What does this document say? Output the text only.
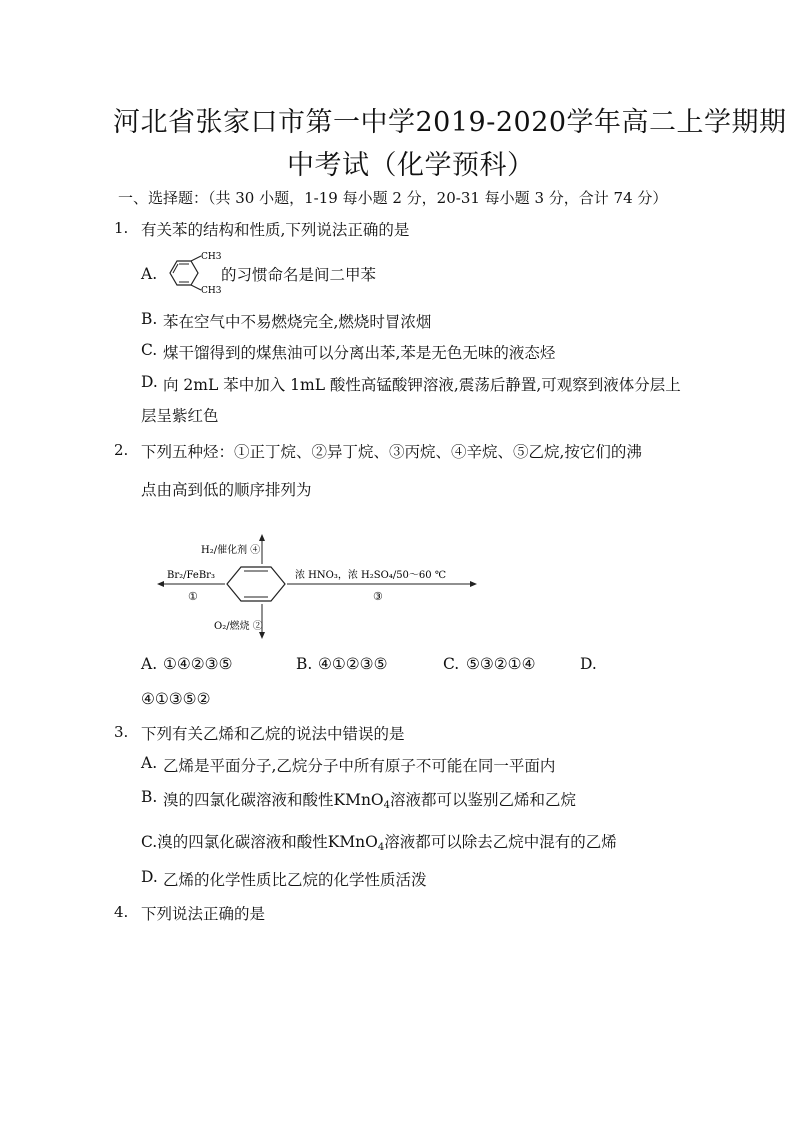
河北省张家口市第一中学2019-2020学年高二上学期期
中考试（化学预科）
一、选择题：（共 30 小题，1-19 每小题 2 分，20-31 每小题 3 分，合计 74 分）
1. 有关苯的结构和性质,下列说法正确的是
A.
CH3
CH3
的习惯命名是间二甲苯
B. 苯在空气中不易燃烧完全,燃烧时冒浓烟
C. 煤干馏得到的煤焦油可以分离出苯,苯是无色无味的液态烃
D. 向 2mL 苯中加入 1mL 酸性高锰酸钾溶液,震荡后静置,可观察到液体分层上
层呈紫红色
2. 下列五种烃：①正丁烷、②异丁烷、③丙烷、④辛烷、⑤乙烷,按它们的沸
点由高到低的顺序排列为
H₂/催化剂 ④
O₂/燃烧 ②
Br₂/FeBr₃
①
浓 HNO₃，浓 H₂SO₄/50～60 ℃
③
A. ①④②③⑤	B. ④①②③⑤	C. ⑤③②①④	D.
④①③⑤②
3. 下列有关乙烯和乙烷的说法中错误的是
A. 乙烯是平面分子,乙烷分子中所有原子不可能在同一平面内
B. 溴的四氯化碳溶液和酸性KMnO$_4$溶液都可以鉴别乙烯和乙烷
C.溴的四氯化碳溶液和酸性KMnO$_4$溶液都可以除去乙烷中混有的乙烯
D. 乙烯的化学性质比乙烷的化学性质活泼
4. 下列说法正确的是
